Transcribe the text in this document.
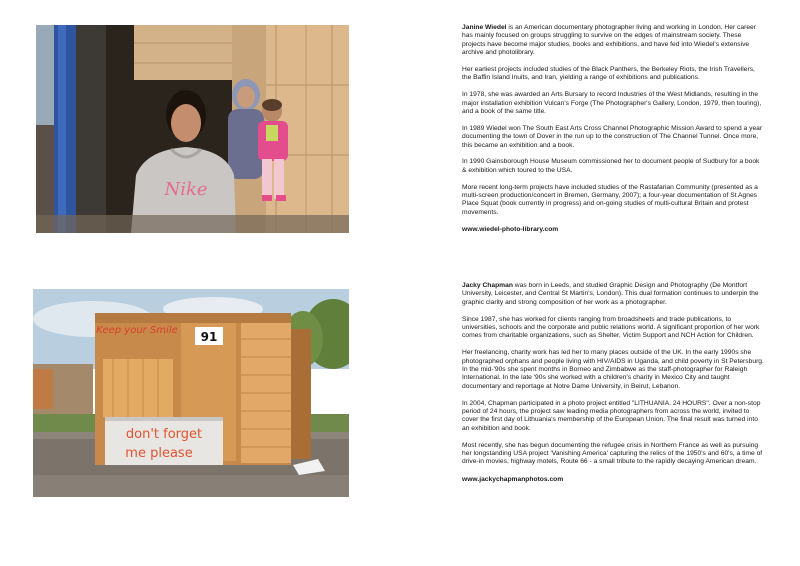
Nike

Janine Wiedel is an American documentary photographer living and working in London. Her career has mainly focused on groups struggling to survive on the edges of mainstream society. These projects have become major studies, books and exhibitions, and have fed into Wiedel's extensive archive and photolibrary.

Her earliest projects included studies of the Black Panthers, the Berkeley Riots, the Irish Travellers, the Baffin Island Inuits, and Iran, yielding a range of exhibitions and publications.

In 1978, she was awarded an Arts Bursary to record Industries of the West Midlands, resulting in the major installation exhibition Vulcan's Forge (The Photographer's Gallery, London, 1979, then touring), and a book of the same title.

In 1989 Wiedel won The South East Arts Cross Channel Photographic Mission Award to spend a year documenting the town of Dover in the run up to the construction of The Channel Tunnel. Once more, this became an exhibition and a book.

In 1990 Gainsborough House Museum commissioned her to document people of Sudbury for a book & exhibition which toured to the USA.

More recent long-term projects have included studies of the Rastafarian Community (presented as a multi-screen production/concert in Bremen, Germany, 2007); a four-year documentation of St Agnes Place Squat (book currently in progress) and on-going studies of multi-cultural Britain and protest movements.

www.wiedel-photo-library.com
91
Keep your Smile
don't forget
me please

Jacky Chapman was born in Leeds, and studied Graphic Design and Photography (De Montfort University, Leicester, and Central St Martin's, London). This dual formation continues to underpin the graphic clarity and strong composition of her work as a photographer.

Since 1987, she has worked for clients ranging from broadsheets and trade publications, to universities, schools and the corporate and public relations world. A significant proportion of her work comes from charitable organizations, such as Shelter, Victim Support and NCH Action for Children.

Her freelancing, charity work has led her to many places outside of the UK. In the early 1990s she photographed orphans and people living with HIV/AIDS in Uganda, and child poverty in St Petersburg. In the mid-'90s she spent months in Borneo and Zimbabwe as the staff-photographer for Raleigh International. In the late '90s she worked with a children's charity in Mexico City and taught documentary and reportage at Notre Dame University, in Beirut, Lebanon.

In 2004, Chapman participated in a photo project entitled "LITHUANIA. 24 HOURS". Over a non-stop period of 24 hours, the project saw leading media photographers from across the world, invited to cover the first day of Lithuania's membership of the European Union. The final result was turned into an exhibition and book.

Most recently, she has begun documenting the refugee crisis in Northern France as well as pursuing her longstanding USA project 'Vanishing America' capturing the relics of the 1950's and 60's, a time of drive-in movies, highway motels, Route 66 - a small tribute to the rapidly decaying American dream.

www.jackychapmanphotos.com
